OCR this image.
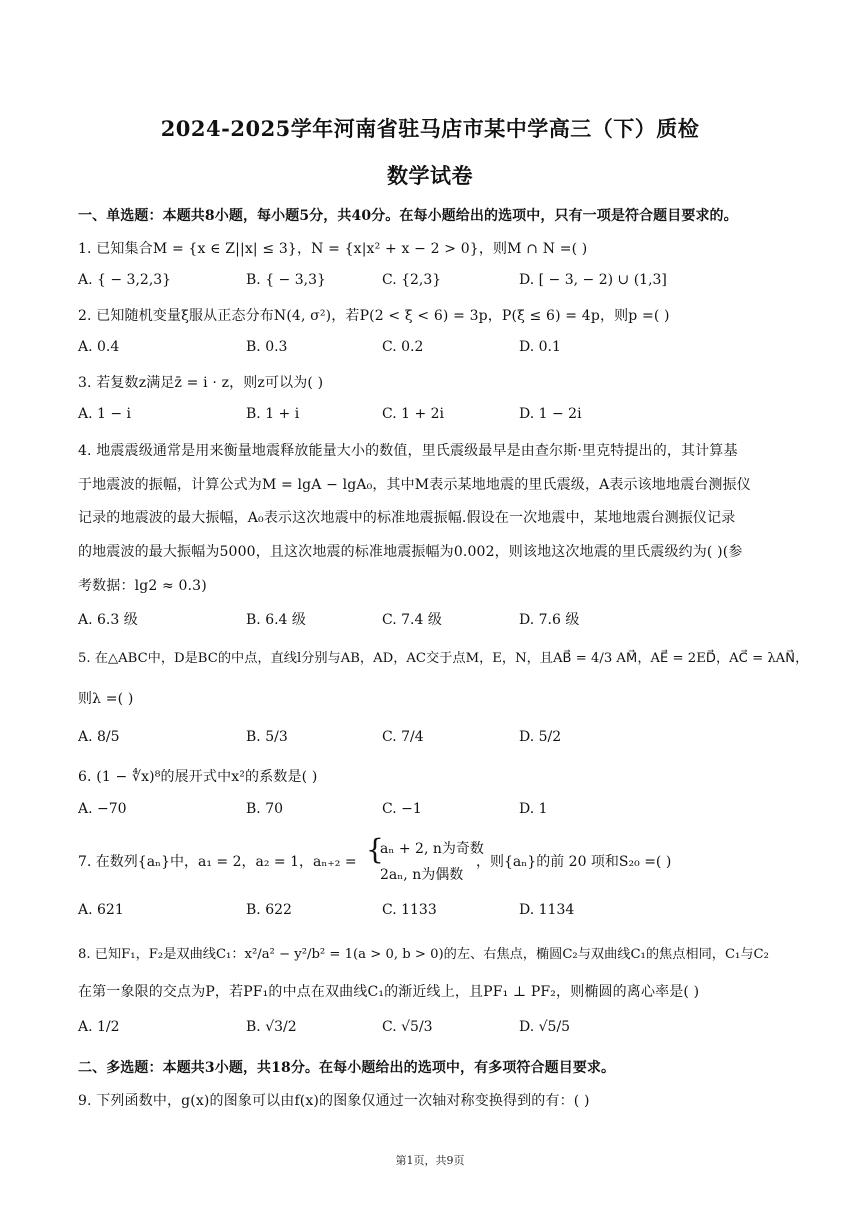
2024-2025学年河南省驻马店市某中学高三（下）质检
数学试卷
一、单选题：本题共8小题，每小题5分，共40分。在每小题给出的选项中，只有一项是符合题目要求的。
1. 已知集合M = {x ∈ Z||x| ≤ 3}，N = {x|x² + x − 2 > 0}，则M ∩ N =( )
A. { − 3,2,3}	B. { − 3,3}	C. {2,3}	D. [ − 3, − 2) ∪ (1,3]
2. 已知随机变量ξ服从正态分布N(4, σ²)，若P(2 < ξ < 6) = 3p，P(ξ ≤ 6) = 4p，则p =( )
A. 0.4	B. 0.3	C. 0.2	D. 0.1
3. 若复数z满足z̄ = i · z，则z可以为( )
A. 1 − i	B. 1 + i	C. 1 + 2i	D. 1 − 2i
4. 地震震级通常是用来衡量地震释放能量大小的数值，里氏震级最早是由查尔斯·里克特提出的，其计算基
于地震波的振幅，计算公式为M = lgA − lgA₀，其中M表示某地地震的里氏震级，A表示该地地震台测振仪
记录的地震波的最大振幅，A₀表示这次地震中的标准地震振幅.假设在一次地震中，某地地震台测振仪记录
的地震波的最大振幅为5000，且这次地震的标准地震振幅为0.002，则该地这次地震的里氏震级约为( )(参
考数据：lg2 ≈ 0.3)
A. 6.3 级	B. 6.4 级	C. 7.4 级	D. 7.6 级
5. 在△ABC中，D是BC的中点，直线l分别与AB，AD，AC交于点M，E，N，且AB⃗ = 4/3 AM⃗，AE⃗ = 2ED⃗，AC⃗ = λAN⃗，
则λ =( )
A. 8/5	B. 5/3	C. 7/4	D. 5/2
6. (1 − ∜x)⁸的展开式中x²的系数是( )
A. −70	B. 70	C. −1	D. 1
7. 在数列{aₙ}中，a₁ = 2，a₂ = 1，aₙ₊₂ = {
aₙ + 2, n为奇数
2aₙ, n为偶数
，则{aₙ}的前 20 项和S₂₀ =( )
A. 621	B. 622	C. 1133	D. 1134
8. 已知F₁，F₂是双曲线C₁：x²/a² − y²/b² = 1(a > 0, b > 0)的左、右焦点，椭圆C₂与双曲线C₁的焦点相同，C₁与C₂
在第一象限的交点为P，若PF₁的中点在双曲线C₁的渐近线上，且PF₁ ⊥ PF₂，则椭圆的离心率是( )
A. 1/2	B. √3/2	C. √5/3	D. √5/5
二、多选题：本题共3小题，共18分。在每小题给出的选项中，有多项符合题目要求。
9. 下列函数中，g(x)的图象可以由f(x)的图象仅通过一次轴对称变换得到的有：( )
第1页，共9页
